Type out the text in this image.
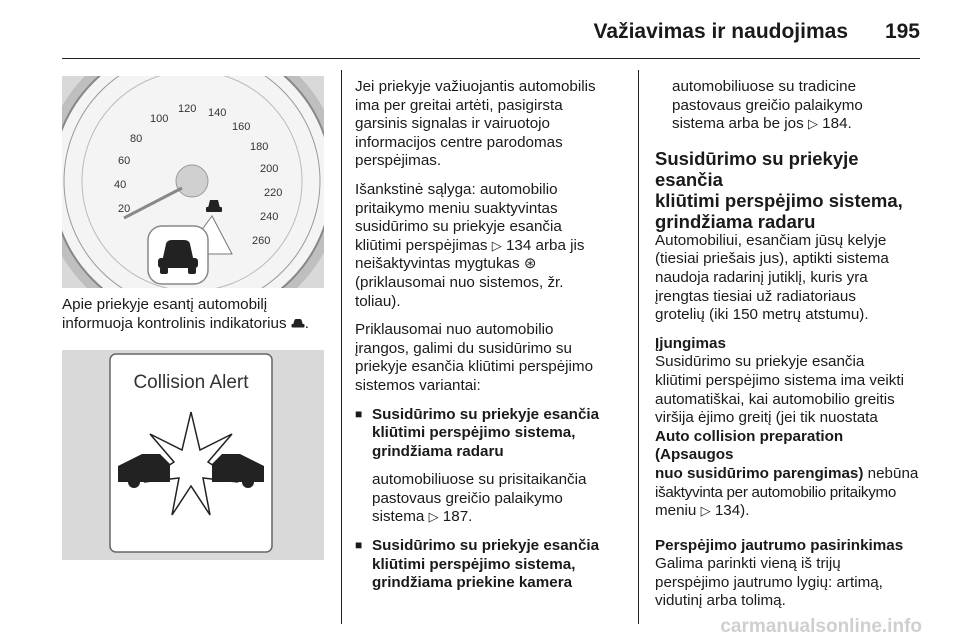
Važiavimas ir naudojimas 195
20
40
60
80
100
120 140
160
180
200
220
240
260

Apie priekyje esantį automobilį

informuoja kontrolinis indikatorius .

Collision Alert

Jei priekyje važiuojantis automobilis

ima per greitai artėti, pasigirsta

garsinis signalas ir vairuotojo

informacijos centre parodomas

perspėjimas.

Išankstinė sąlyga: automobilio

pritaikymo meniu suaktyvintas

susidūrimo su priekyje esančia

kliūtimi perspėjimas ▷ 134 arba jis

neišaktyvintas mygtukas ⊛

(priklausomai nuo sistemos, žr.

toliau).

Priklausomai nuo automobilio

įrangos, galimi du susidūrimo su

priekyje esančia kliūtimi perspėjimo

sistemos variantai:

■ Susidūrimo su priekyje esančia

kliūtimi perspėjimo sistema,

grindžiama radaru

automobiliuose su prisitaikančia

pastovaus greičio palaikymo

sistema ▷ 187.

■ Susidūrimo su priekyje esančia

kliūtimi perspėjimo sistema,

grindžiama priekine kamera

automobiliuose su tradicine

pastovaus greičio palaikymo

sistema arba be jos ▷ 184.

Susidūrimo su priekyje esančia
kliūtimi perspėjimo sistema,
grindžiama radaru

Automobiliui, esančiam jūsų kelyje

(tiesiai priešais jus), aptikti sistema

naudoja radarinį jutiklį, kuris yra

įrengtas tiesiai už radiatoriaus

grotelių (iki 150 metrų atstumu).

Įjungimas

Susidūrimo su priekyje esančia

kliūtimi perspėjimo sistema ima veikti

automatiškai, kai automobilio greitis

viršija ėjimo greitį (jei tik nuostata

Auto collision preparation (Apsaugos

nuo susidūrimo parengimas) nebūna

išaktyvinta per automobilio pritaikymo

meniu ▷ 134).

Perspėjimo jautrumo pasirinkimas

Galima parinkti vieną iš trijų

perspėjimo jautrumo lygių: artimą,

vidutinį arba tolimą.

carmanualsonline.info
